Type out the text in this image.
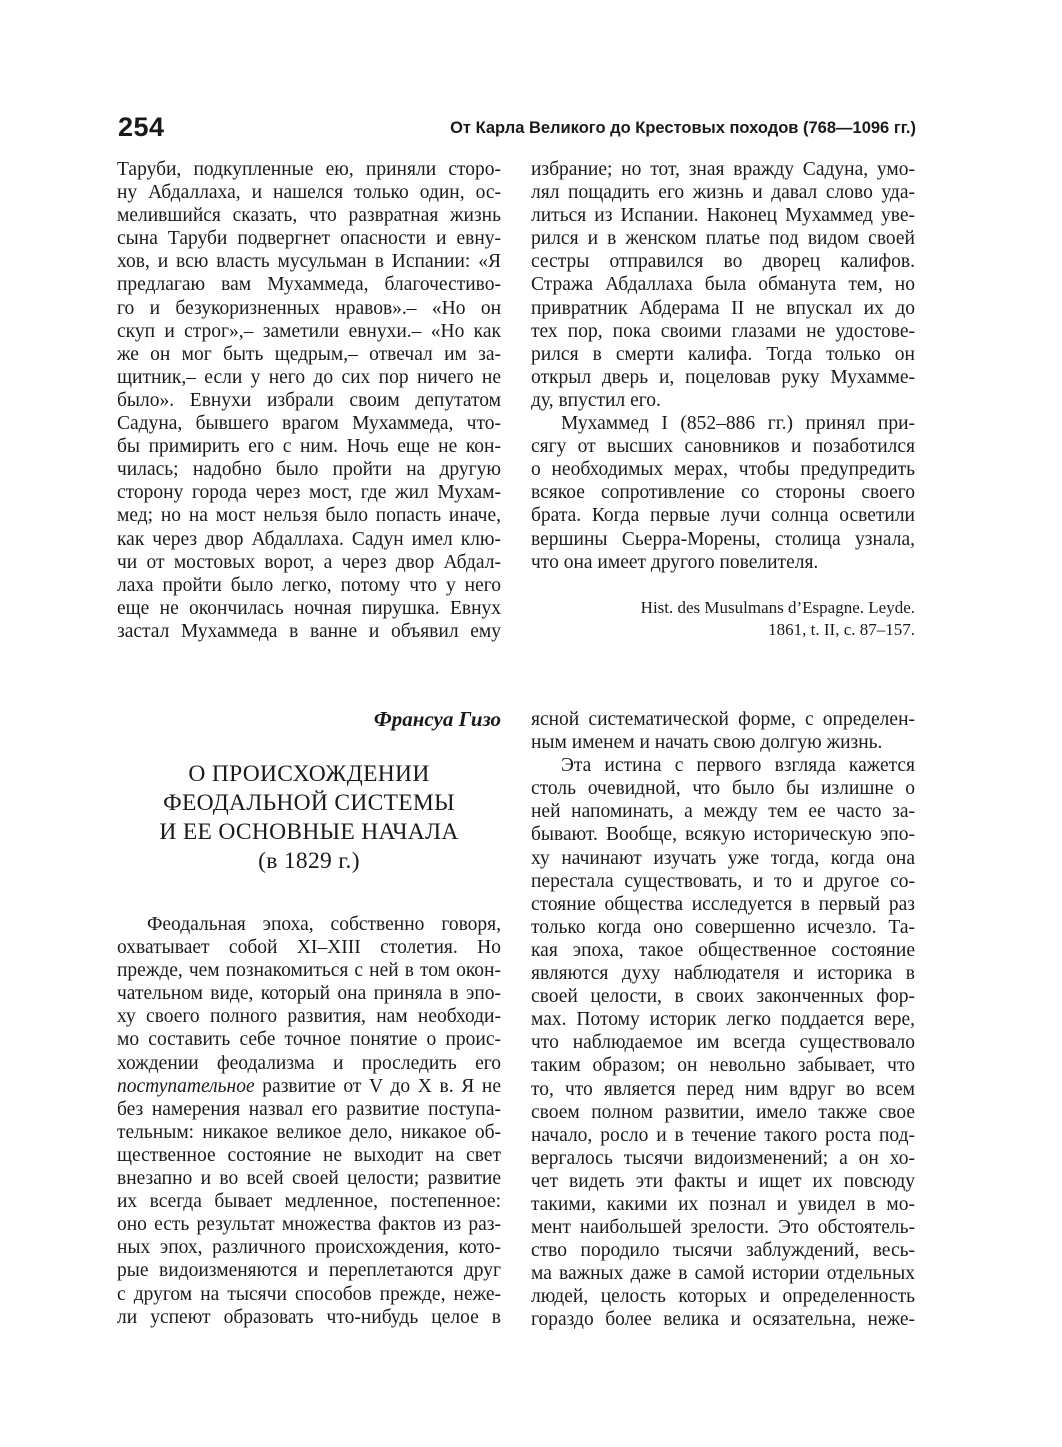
254	От Карла Великого до Крестовых походов (768—1096 гг.)
Таруби, подкупленные ею, приняли сторо-
ну Абдаллаха, и нашелся только один, ос-
мелившийся сказать, что развратная жизнь
сына Таруби подвергнет опасности и евну-
хов, и всю власть мусульман в Испании: «Я
предлагаю вам Мухаммеда, благочестиво-
го и безукоризненных нравов».– «Но он
скуп и строг»,– заметили евнухи.– «Но как
же он мог быть щедрым,– отвечал им за-
щитник,– если у него до сих пор ничего не
было». Евнухи избрали своим депутатом
Садуна, бывшего врагом Мухаммеда, что-
бы примирить его с ним. Ночь еще не кон-
чилась; надобно было пройти на другую
сторону города через мост, где жил Мухам-
мед; но на мост нельзя было попасть иначе,
как через двор Абдаллаха. Садун имел клю-
чи от мостовых ворот, а через двор Абдал-
лаха пройти было легко, потому что у него
еще не окончилась ночная пирушка. Евнух
застал Мухаммеда в ванне и объявил ему
избрание; но тот, зная вражду Садуна, умо-
лял пощадить его жизнь и давал слово уда-
литься из Испании. Наконец Мухаммед уве-
рился и в женском платье под видом своей
сестры отправился во дворец калифов.
Стража Абдаллаха была обманута тем, но
привратник Абдерама II не впускал их до
тех пор, пока своими глазами не удостове-
рился в смерти калифа. Тогда только он
открыл дверь и, поцеловав руку Мухамме-
ду, впустил его.
Мухаммед I (852–886 гг.) принял при-
сягу от высших сановников и позаботился
о необходимых мерах, чтобы предупредить
всякое сопротивление со стороны своего
брата. Когда первые лучи солнца осветили
вершины Сьерра-Морены, столица узнала,
что она имеет другого повелителя.
Hist. des Musulmans d’Espagne. Leyde.
1861, t. II, c. 87–157.
Франсуа Гизо
О ПРОИСХОЖДЕНИИ
ФЕОДАЛЬНОЙ СИСТЕМЫ
И ЕЕ ОСНОВНЫЕ НАЧАЛА
(в 1829 г.)
Феодальная эпоха, собственно говоря,
охватывает собой XI–XIII столетия. Но
прежде, чем познакомиться с ней в том окон-
чательном виде, который она приняла в эпо-
ху своего полного развития, нам необходи-
мо составить себе точное понятие о проис-
хождении феодализма и проследить его
поступательное развитие от V до X в. Я не
без намерения назвал его развитие поступа-
тельным: никакое великое дело, никакое об-
щественное состояние не выходит на свет
внезапно и во всей своей целости; развитие
их всегда бывает медленное, постепенное:
оно есть результат множества фактов из раз-
ных эпох, различного происхождения, кото-
рые видоизменяются и переплетаются друг
с другом на тысячи способов прежде, неже-
ли успеют образовать что-нибудь целое в
ясной систематической форме, с определен-
ным именем и начать свою долгую жизнь.
Эта истина с первого взгляда кажется
столь очевидной, что было бы излишне о
ней напоминать, а между тем ее часто за-
бывают. Вообще, всякую историческую эпо-
ху начинают изучать уже тогда, когда она
перестала существовать, и то и другое со-
стояние общества исследуется в первый раз
только когда оно совершенно исчезло. Та-
кая эпоха, такое общественное состояние
являются духу наблюдателя и историка в
своей целости, в своих законченных фор-
мах. Потому историк легко поддается вере,
что наблюдаемое им всегда существовало
таким образом; он невольно забывает, что
то, что является перед ним вдруг во всем
своем полном развитии, имело также свое
начало, росло и в течение такого роста под-
вергалось тысячи видоизменений; а он хо-
чет видеть эти факты и ищет их повсюду
такими, какими их познал и увидел в мо-
мент наибольшей зрелости. Это обстоятель-
ство породило тысячи заблуждений, весь-
ма важных даже в самой истории отдельных
людей, целость которых и определенность
гораздо более велика и осязательна, неже-
